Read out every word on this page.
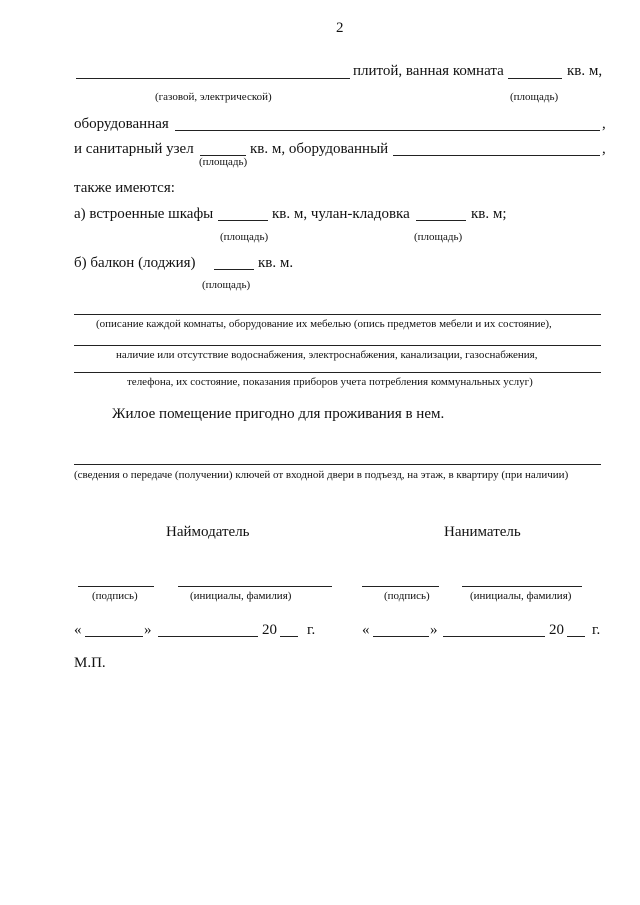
2
плитой, ванная комната	кв. м,
(газовой, электрической)	(площадь)
оборудованная	,
и санитарный узел	кв. м, оборудованный	,
(площадь)
также имеются:
а) встроенные шкафы	кв. м, чулан-кладовка	кв. м;
(площадь)	(площадь)
б) балкон (лоджия)	кв. м.
(площадь)
(описание каждой комнаты, оборудование их мебелью (опись предметов мебели и их состояние),
наличие или отсутствие водоснабжения, электроснабжения, канализации, газоснабжения,
телефона, их состояние, показания приборов учета потребления коммунальных услуг)
Жилое помещение пригодно для проживания в нем.
(сведения о передаче (получении) ключей от входной двери в подъезд, на этаж, в квартиру (при наличии)
Наймодатель	Наниматель
(подпись)	(инициалы, фамилия)	(подпись)	(инициалы, фамилия)
«	»	20 г.	«	»	20 г.
М.П.
